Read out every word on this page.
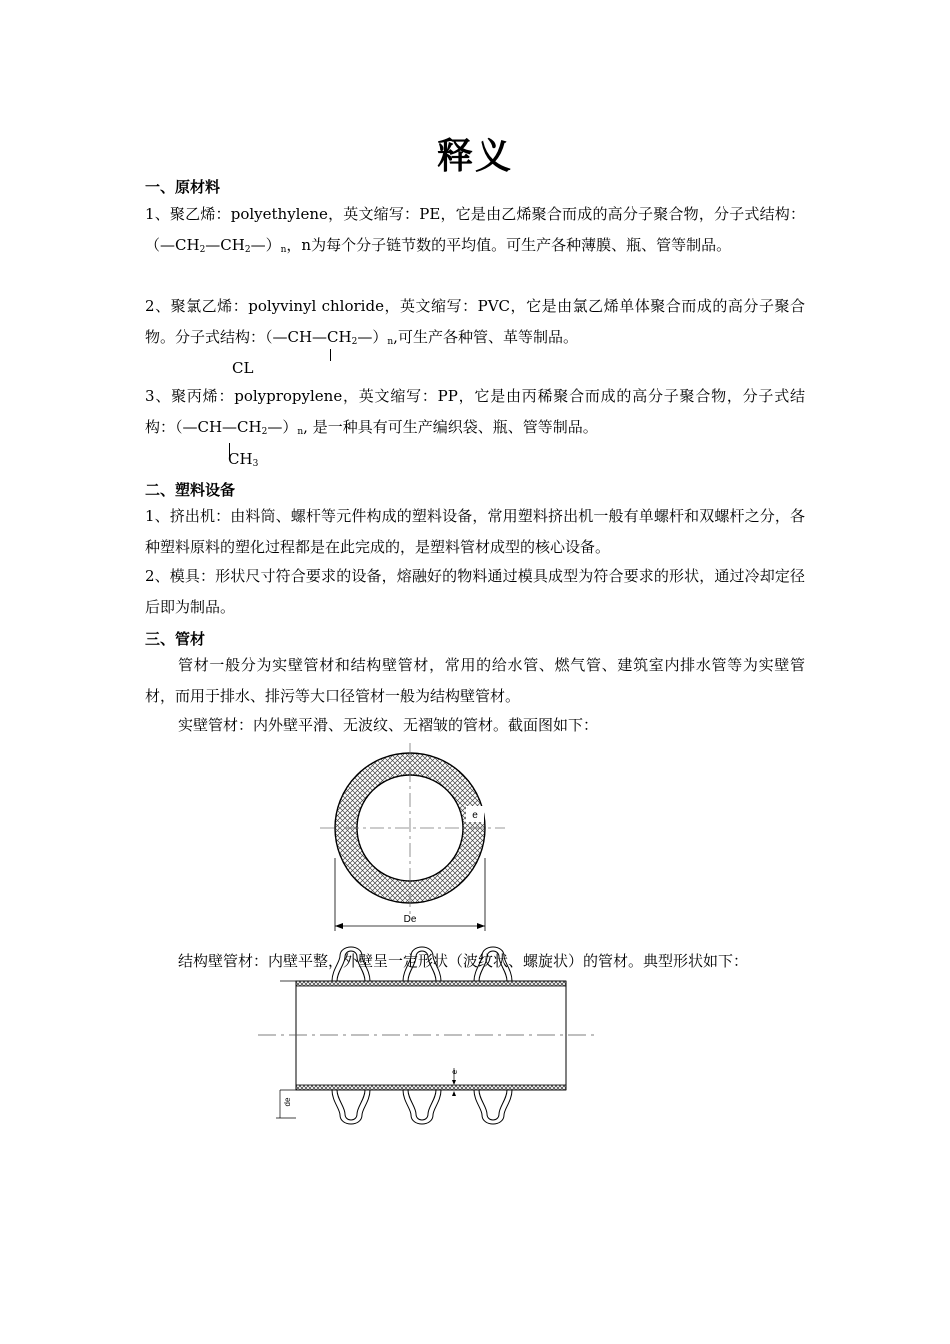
释义
一、原材料
1、聚乙烯：polyethylene，英文缩写：PE，它是由乙烯聚合而成的高分子聚合物，分子式结构：$(—CH_2—CH_2—)_n$，n为每个分子链节数的平均值。可生产各种薄膜、瓶、管等制品。
2、聚氯乙烯：polyvinyl chloride，英文缩写：PVC，它是由氯乙烯单体聚合而成的高分子聚合物。分子式结构：$(—CH—CH_2—)_n$,可生产各种管、革等制品。
CL
3、聚丙烯：polypropylene，英文缩写：PP，它是由丙稀聚合而成的高分子聚合物，分子式结构：$(—CH—CH_2—)_n$, 是一种具有可生产编织袋、瓶、管等制品。
$CH_3$
二、塑料设备
1、挤出机：由料筒、螺杆等元件构成的塑料设备，常用塑料挤出机一般有单螺杆和双螺杆之分，各种塑料原料的塑化过程都是在此完成的，是塑料管材成型的核心设备。
2、模具：形状尺寸符合要求的设备，熔融好的物料通过模具成型为符合要求的形状，通过冷却定径后即为制品。
三、管材
管材一般分为实壁管材和结构壁管材，常用的给水管、燃气管、建筑室内排水管等为实壁管材，而用于排水、排污等大口径管材一般为结构壁管材。
实壁管材：内外壁平滑、无波纹、无褶皱的管材。截面图如下：
e
De
e
de
结构壁管材：内壁平整，外壁呈一定形状（波纹状、螺旋状）的管材。典型形状如下：
